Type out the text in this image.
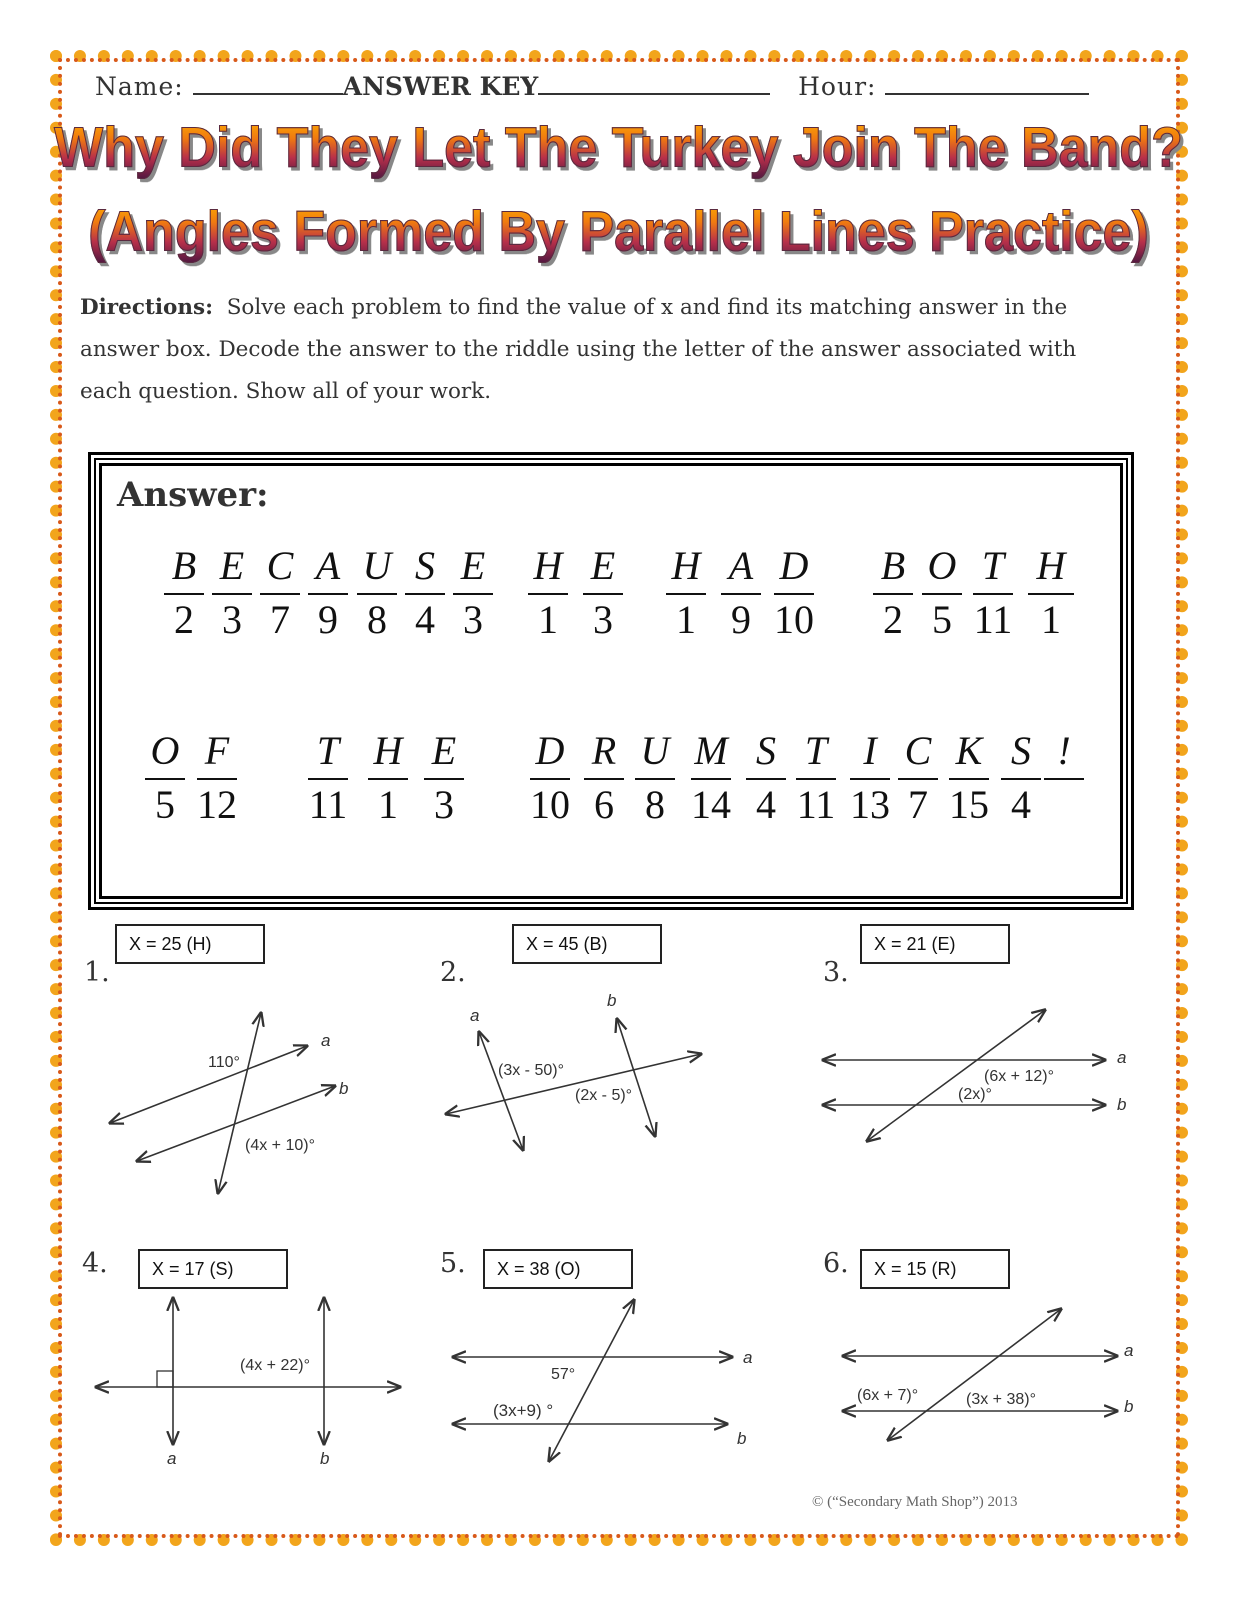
Name:	ANSWER KEY	Hour:
Why Did They Let The Turkey Join The Band?
(Angles Formed By Parallel Lines Practice)
Directions: Solve each problem to find the value of x and find its matching answer in the answer box. Decode the answer to the riddle using the letter of the answer associated with each question. Show all of your work.
Answer:
B
2
E
3
C
7
A
9
U
8
S
4
E
3
H
1
E
3
H
1
A
9
D
10
B
2
O
5
T
11
H
1
O
5
F
12
T
11
H
1
E
3
D
10
R
6
U
8
M
14
S
4
T
11
I
13
C
7
K
15
S
4
!
X = 25 (H)	X = 45 (B)	X = 21 (E)
X = 17 (S)	X = 38 (O)	X = 15 (R)
1.	2.	3.
4.	5.	6.
110°
(4x + 10)°
a
b
(3x - 50)°
(2x - 5)°
a
b
(6x + 12)°
(2x)°
a
b
(4x + 22)°
a	b
57°
(3x+9) °
a
b
(6x + 7)°	(3x + 38)°
a
b
© (“Secondary Math Shop”) 2013
